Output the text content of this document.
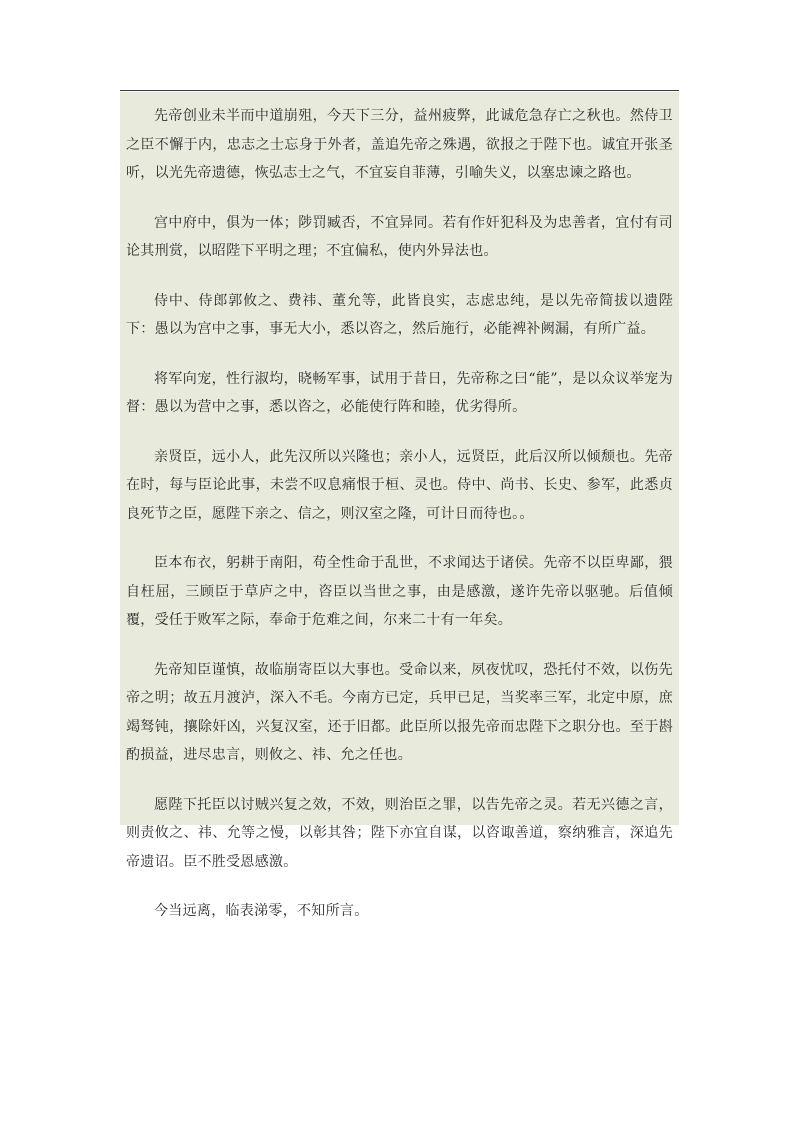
先帝创业未半而中道崩殂，今天下三分，益州疲弊，此诚危急存亡之秋也。然侍卫之臣不懈于内，忠志之士忘身于外者，盖追先帝之殊遇，欲报之于陛下也。诚宜开张圣听，以光先帝遗德，恢弘志士之气，不宜妄自菲薄，引喻失义，以塞忠谏之路也。

宫中府中，俱为一体；陟罚臧否，不宜异同。若有作奸犯科及为忠善者，宜付有司论其刑赏，以昭陛下平明之理；不宜偏私，使内外异法也。

侍中、侍郎郭攸之、费祎、董允等，此皆良实，志虑忠纯，是以先帝简拔以遗陛下：愚以为宫中之事，事无大小，悉以咨之，然后施行，必能裨补阙漏，有所广益。

将军向宠，性行淑均，晓畅军事，试用于昔日，先帝称之曰“能”，是以众议举宠为督：愚以为营中之事，悉以咨之，必能使行阵和睦，优劣得所。

亲贤臣，远小人，此先汉所以兴隆也；亲小人，远贤臣，此后汉所以倾颓也。先帝在时，每与臣论此事，未尝不叹息痛恨于桓、灵也。侍中、尚书、长史、参军，此悉贞良死节之臣，愿陛下亲之、信之，则汉室之隆，可计日而待也。。

臣本布衣，躬耕于南阳，苟全性命于乱世，不求闻达于诸侯。先帝不以臣卑鄙，猥自枉屈，三顾臣于草庐之中，咨臣以当世之事，由是感激，遂许先帝以驱驰。后值倾覆，受任于败军之际，奉命于危难之间，尔来二十有一年矣。

先帝知臣谨慎，故临崩寄臣以大事也。受命以来，夙夜忧叹，恐托付不效，以伤先帝之明；故五月渡泸，深入不毛。今南方已定，兵甲已足，当奖率三军，北定中原，庶竭驽钝，攘除奸凶，兴复汉室，还于旧都。此臣所以报先帝而忠陛下之职分也。至于斟酌损益，进尽忠言，则攸之、祎、允之任也。

愿陛下托臣以讨贼兴复之效，不效，则治臣之罪，以告先帝之灵。若无兴德之言，则责攸之、祎、允等之慢，以彰其咎；陛下亦宜自谋，以咨诹善道，察纳雅言，深追先帝遗诏。臣不胜受恩感激。

今当远离，临表涕零，不知所言。
